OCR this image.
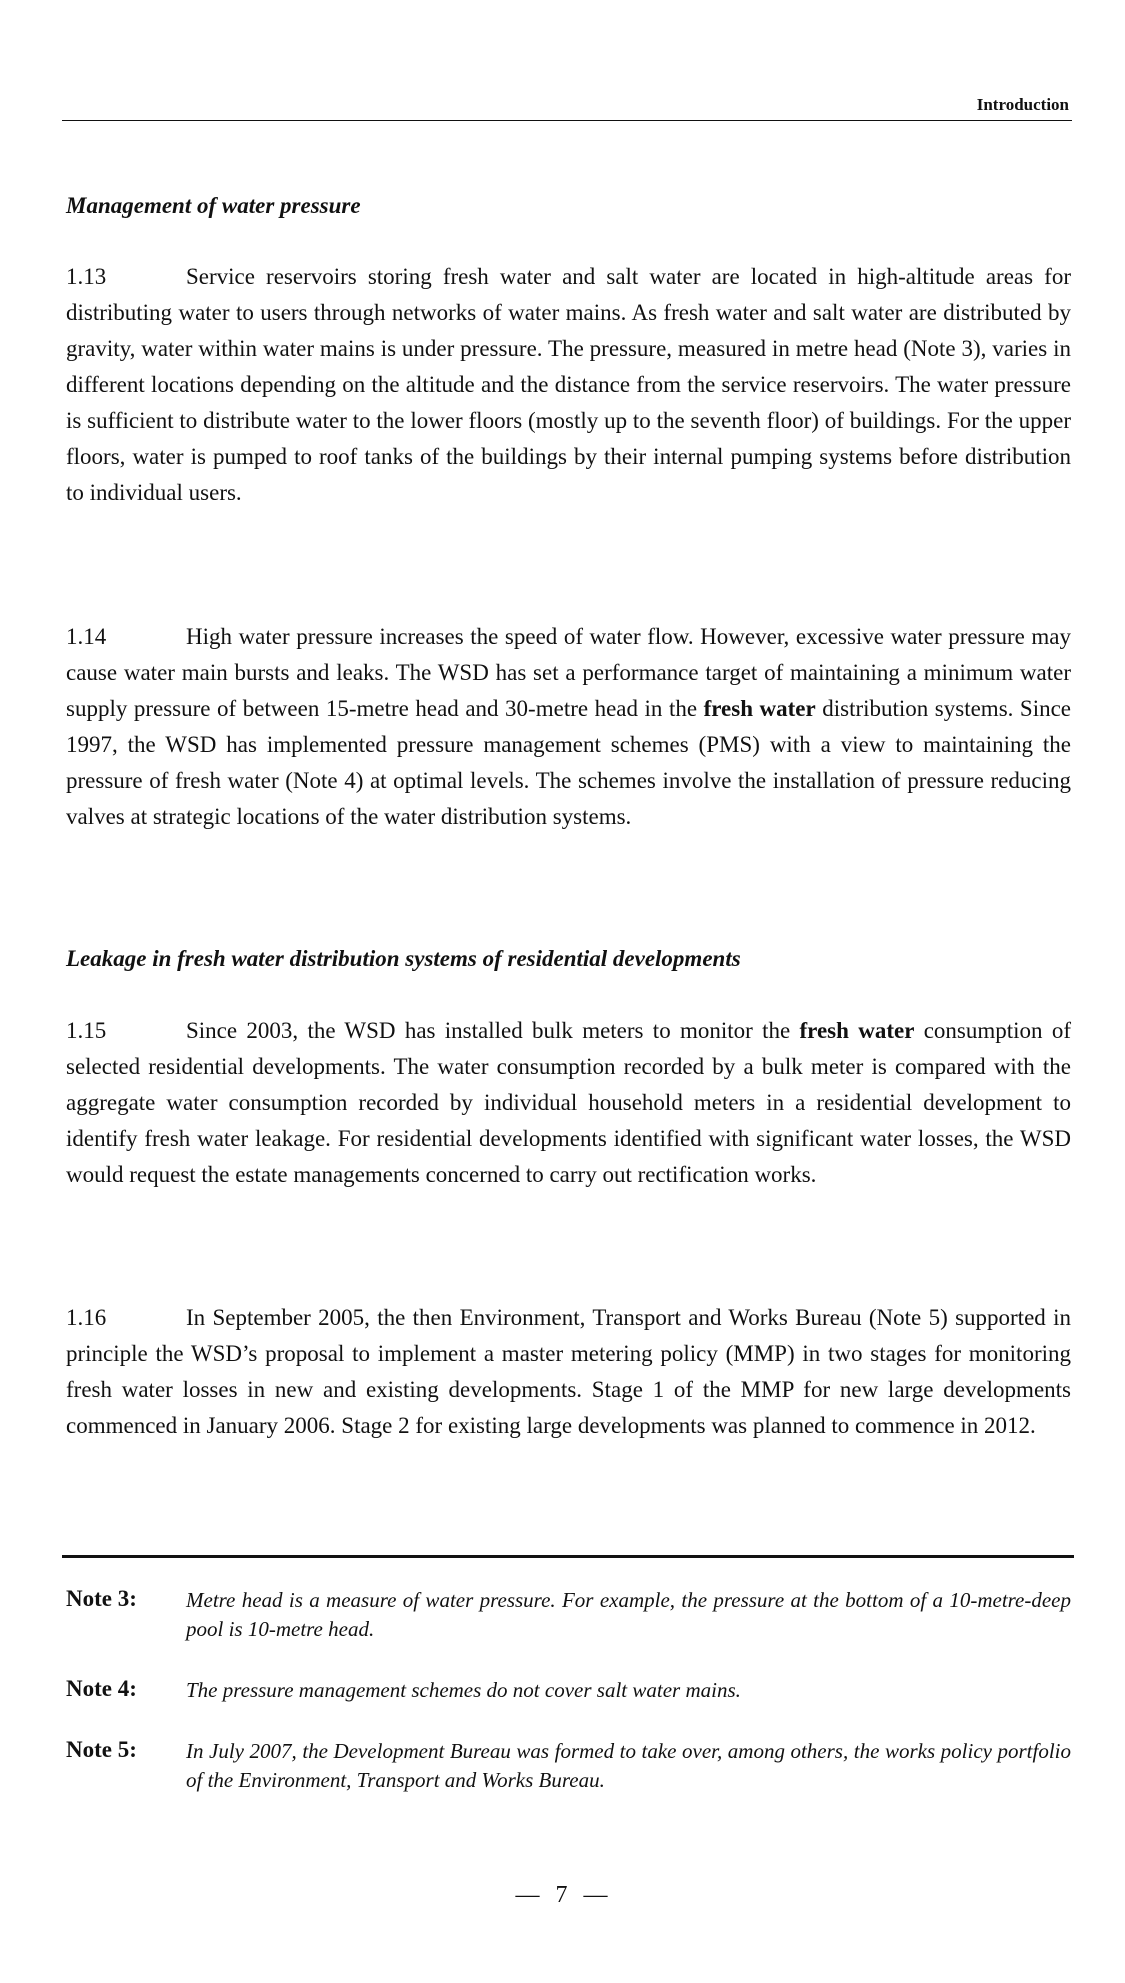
Introduction
Management of water pressure
1.13	Service reservoirs storing fresh water and salt water are located in high-altitude areas for distributing water to users through networks of water mains. As fresh water and salt water are distributed by gravity, water within water mains is under pressure. The pressure, measured in metre head (Note 3), varies in different locations depending on the altitude and the distance from the service reservoirs. The water pressure is sufficient to distribute water to the lower floors (mostly up to the seventh floor) of buildings. For the upper floors, water is pumped to roof tanks of the buildings by their internal pumping systems before distribution to individual users.
1.14	High water pressure increases the speed of water flow. However, excessive water pressure may cause water main bursts and leaks. The WSD has set a performance target of maintaining a minimum water supply pressure of between 15-metre head and 30-metre head in the fresh water distribution systems. Since 1997, the WSD has implemented pressure management schemes (PMS) with a view to maintaining the pressure of fresh water (Note 4) at optimal levels. The schemes involve the installation of pressure reducing valves at strategic locations of the water distribution systems.
Leakage in fresh water distribution systems of residential developments
1.15	Since 2003, the WSD has installed bulk meters to monitor the fresh water consumption of selected residential developments. The water consumption recorded by a bulk meter is compared with the aggregate water consumption recorded by individual household meters in a residential development to identify fresh water leakage. For residential developments identified with significant water losses, the WSD would request the estate managements concerned to carry out rectification works.
1.16	In September 2005, the then Environment, Transport and Works Bureau (Note 5) supported in principle the WSD’s proposal to implement a master metering policy (MMP) in two stages for monitoring fresh water losses in new and existing developments. Stage 1 of the MMP for new large developments commenced in January 2006. Stage 2 for existing large developments was planned to commence in 2012.
Note 3:	Metre head is a measure of water pressure. For example, the pressure at the bottom of a 10-metre-deep pool is 10-metre head.
Note 4:	The pressure management schemes do not cover salt water mains.
Note 5:	In July 2007, the Development Bureau was formed to take over, among others, the works policy portfolio of the Environment, Transport and Works Bureau.
— 7 —
